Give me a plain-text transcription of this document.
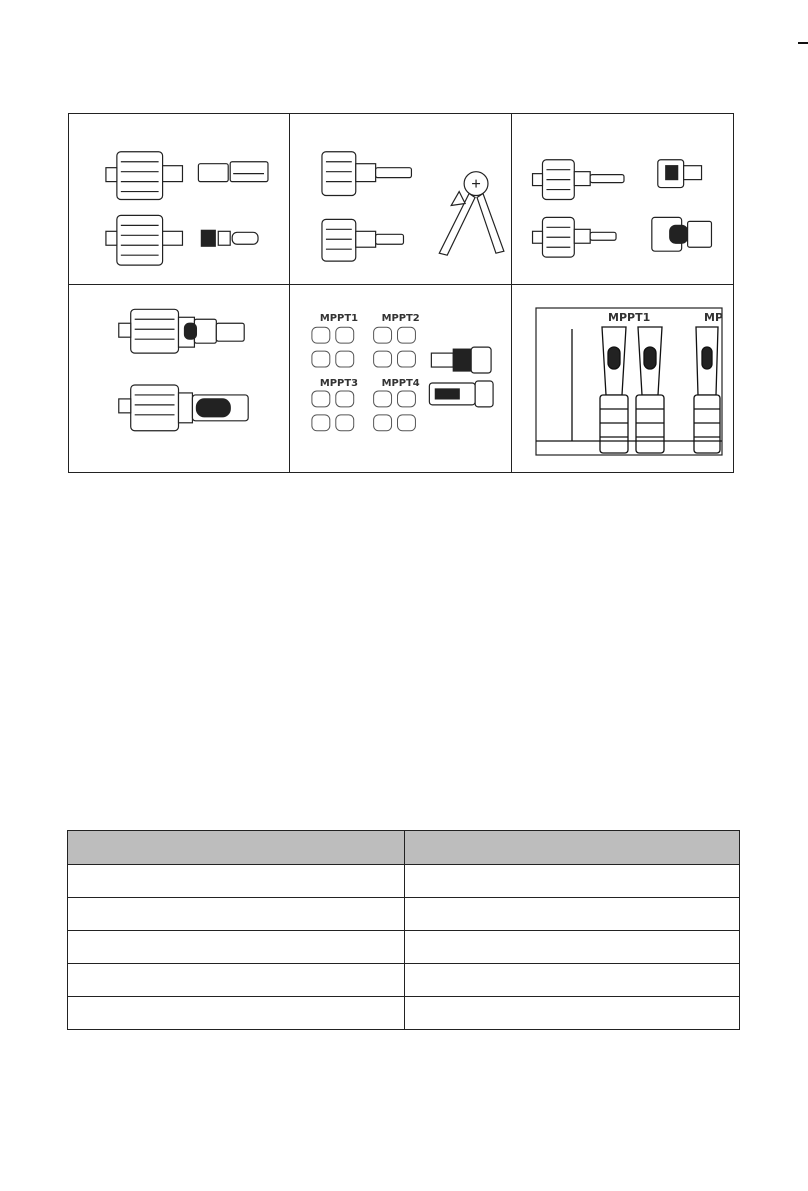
MPPT1 MPPT2
MPPT3 MPPT4
MPPT1	MP
